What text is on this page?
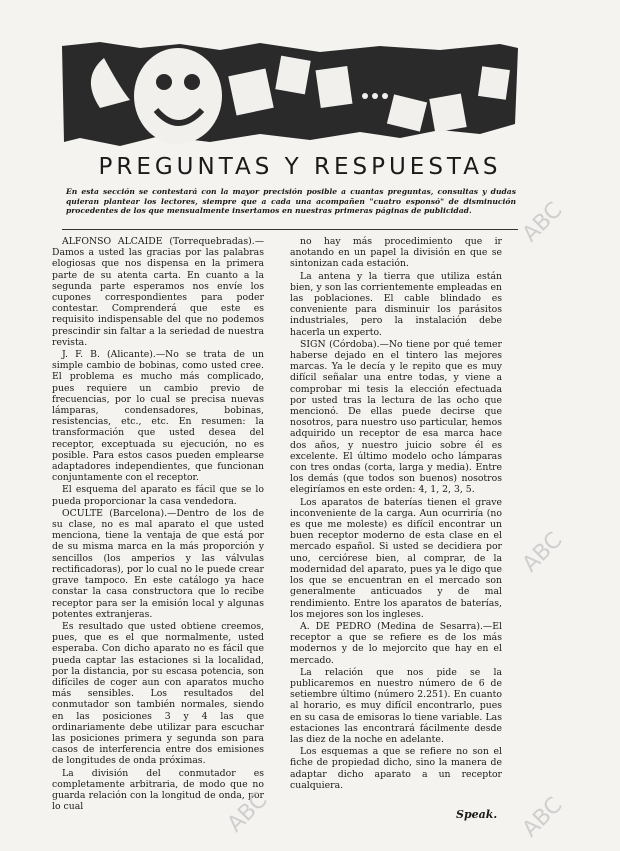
PREGUNTAS Y RESPUESTAS
En esta sección se contestará con la mayor precisión posible a cuantas preguntas, consultas y dudas quieran plantear los lectores, siempre que a cada una acompañen "cuatro esponsó" de disminución procedentes de los que mensualmente insertamos en nuestras primeras páginas de publicidad.

ALFONSO ALCAIDE (Torrequebradas).—Damos a usted las gracias por las palabras elogiosas que nos dispensa en la primera parte de su atenta carta. En cuanto a la segunda parte esperamos nos envíe los cupones correspondientes para poder contestar. Comprenderá que este es requisito indispensable del que no podemos prescindir sin faltar a la seriedad de nuestra revista.

J. F. B. (Alicante).—No se trata de un simple cambio de bobinas, como usted cree. El problema es mucho más complicado, pues requiere un cambio previo de frecuencias, por lo cual se precisa nuevas lámparas, condensadores, bobinas, resistencias, etc., etc. En resumen: la transformación que usted desea del receptor, exceptuada su ejecución, no es posible. Para estos casos pueden emplearse adaptadores independientes, que funcionan conjuntamente con el receptor.

El esquema del aparato es fácil que se lo pueda proporcionar la casa vendedora.

OCULTE (Barcelona).—Dentro de los de su clase, no es mal aparato el que usted menciona, tiene la ventaja de que está por de su misma marca en la más proporción y sencillos (los amperios y las válvulas rectificadoras), por lo cual no le puede crear grave tampoco. En este catálogo ya hace constar la casa constructora que lo recibe receptor para ser la emisión local y algunas potentes extranjeras.

Es resultado que usted obtiene creemos, pues, que es el que normalmente, usted esperaba. Con dicho aparato no es fácil que pueda captar las estaciones si la localidad, por la distancia, por su escasa potencia, son difíciles de coger aun con aparatos mucho más sensibles. Los resultados del conmutador son también normales, siendo en las posiciones 3 y 4 las que ordinariamente debe utilizar para escuchar las posiciones primera y segunda son para casos de interferencia entre dos emisiones de longitudes de onda próximas.

La división del conmutador es completamente arbitraria, de modo que no guarda relación con la longitud de onda, por lo cual

no hay más procedimiento que ir anotando en un papel la división en que se sintonizan cada estación.

La antena y la tierra que utiliza están bien, y son las corrientemente empleadas en las poblaciones. El cable blindado es conveniente para disminuir los parásitos industriales, pero la instalación debe hacerla un experto.

SIGN (Córdoba).—No tiene por qué temer haberse dejado en el tintero las mejores marcas. Ya le decía y le repito que es muy difícil señalar una entre todas, y viene a comprobar mi tesis la elección efectuada por usted tras la lectura de las ocho que mencionó. De ellas puede decirse que nosotros, para nuestro uso particular, hemos adquirido un receptor de esa marca hace dos años, y nuestro juicio sobre él es excelente. El último modelo ocho lámparas con tres ondas (corta, larga y media). Entre los demás (que todos son buenos) nosotros elegiríamos en este orden: 4, 1, 2, 3, 5.

Los aparatos de baterías tienen el grave inconveniente de la carga. Aun ocurriría (no es que me moleste) es difícil encontrar un buen receptor moderno de esta clase en el mercado español. Si usted se decidiera por uno, cerciórese bien, al comprar, de la modernidad del aparato, pues ya le digo que los que se encuentran en el mercado son generalmente anticuados y de mal rendimiento. Entre los aparatos de baterías, los mejores son los ingleses.

A. DE PEDRO (Medina de Sesarra).—El receptor a que se refiere es de los más modernos y de lo mejorcito que hay en el mercado.

La relación que nos pide se la publicaremos en nuestro número de 6 de setiembre último (número 2.251). En cuanto al horario, es muy difícil encontrarlo, pues en su casa de emisoras lo tiene variable. Las estaciones las encontrará fácilmente desde las diez de la noche en adelante.

Los esquemas a que se refiere no son el fiche de propiedad dicho, sino la manera de adaptar dicho aparato a un receptor cualquiera.

Speak.
ABC
ABC
ABC	ABC
